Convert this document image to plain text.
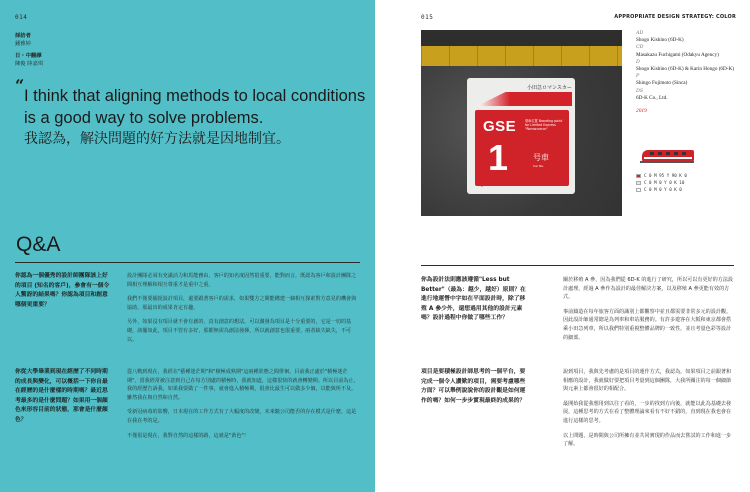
014
採訪者
鍾雅婷
日・中翻譯
陳俊 陸嘉琪
“
I think that aligning methods to local conditions is a good way to solve problems.
我認為，解決問題的好方法就是因地制宜。
Q&A
你認為一個優秀的設計師團隊該上好的項目 (知名的客戶)，參會有一個令人驚訝的結果嗎？你認為項目和創意哪個更重要？

設計團隊必須有充滿活力和馬能務由，客戶的知名度固然很重要，能對而言，既認為客戶和設計團隊之間相互理解和相互尊重才是重中之重。

我們不僅要捕捉設計項目，還要跟著客戶的需求，如果雙方之間能構建一個相互探索對方意見的機會與協助，那最出的成果肯定有趣。

另外，如果沒有項目就不會有創的，真有創意的想法，可以激發為項目是十分重要的，它是一切的基礎，該擺如此，項目不管有多好，那都無需為創法發揮，所以就創意也很重要，兩者缺失缺失，不可以。

你從大學畢業到現在經歷了不同時期的成長與變化，可以概括一下你自最在經歷的是什麼樣的時期嗎？最近思考最多的是什麼問題？如果用一個顏色來形容目前的狀態，那會是什麼顏色？

從八戰到現在，我經在"藝種迷茫期"和"積極成熟期"這兩種狀態之間徘徊。目前我正處於"積極迷茫期"。當我經常被注意到自己在每方別處的積極時，我就知道，這樣很快的就會轉變期。所以目前為止，我的經歷告訴我，如果我要做了一件事，就會進入積極期，很會比最生可以做多少個，以能與所不及。雖然我在與自然和自然。

受新冠病毒的影響，日本現在的工作方式有了大幅度的改變。未來隨公司能否的存在模式是什麼，這是在我在考的是。

不僅很是現在，我對自然的這樣的路，這就是"黃色"！

015	APPROPRIATE DESIGN STRATEGY: COLOR
小田急ロマンスカー
GSE	乗車位置 Boarding point for Limited Express "Romancecar"
1	号車
Car No.
◀ 2
AD
Shogo Kishino (6D-K)
CD
Masakazu Fuchigami (Odakyu Agency)
D
Shogo Kishino (6D-K) & Karin Hongo (6D-K)
P
Shingo Fujimoto (Sinca)
DS
6D-K Co., Ltd.
2019
C 0 M 95 Y 90 K 0
C 0 M 0 Y 0 K 10
C 0 M 0 Y 0 K 0
你為設計法則應該遵循"Less but Better"（最為：越少，越好）原則？在進行地運營中字如在平面設計時，除了移殖 A 參少外，還想過用其他的設計元素嗎？設計過程中你做了哪些工作？

關於移殖 A 參，因為我們從 6D-K 的進行了研究，所以可以有更好的方法設計處理，經過 A 參作為設計的最佳解決方案，以及移殖 A 參更能有效的方式。

事前鑄造在每年旅客方面的識別上都觀察中並且都需要非常多元的設計觀。因此設計師通常總是為列車和車站服務的。有許多遊客在大阪和東京都會搭乘小田急列車，所以我們特別重視整體品牌的一致性，並且考量色彩等設計的細部。

項目是要積極設計師思考的一個平台，要完成一個令人讚歎的項目，需要考慮哪些方面？可以舉例說說你的設計觀是如何運作的嗎？如何一步步實現最終的成果的？

說到項目，我與先考慮的是項目的運作方式，我認為，如果項目之前跟著和相應的設計，我就做好要把項目考量到這個團隊，大我所關注的每一個細節與元素上都會很好的相配合。

最開始我從我想用到以往了看的，一步的找到方向後，就能以此為基礎去發展，這種思考的方式在看了整體理論來看有不好不錯的，直到現在我也會在進行這樣的思考。

以上問題，是時間與公司所擁有並共同實現的作品而去嘗試的工作和進一步了解。
